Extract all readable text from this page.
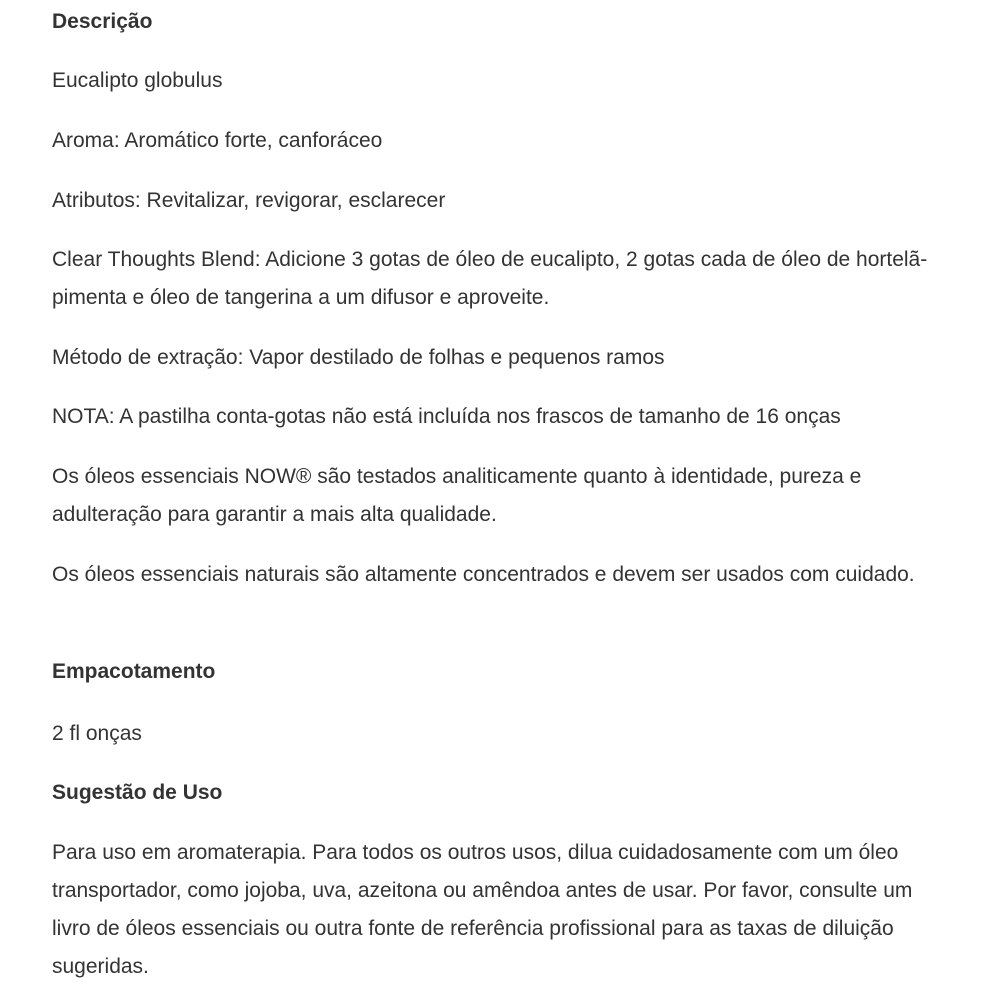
Descrição
Eucalipto globulus
Aroma: Aromático forte, canforáceo
Atributos: Revitalizar, revigorar, esclarecer
Clear Thoughts Blend: Adicione 3 gotas de óleo de eucalipto, 2 gotas cada de óleo de hortelã-pimenta e óleo de tangerina a um difusor e aproveite.
Método de extração: Vapor destilado de folhas e pequenos ramos
NOTA: A pastilha conta-gotas não está incluída nos frascos de tamanho de 16 onças
Os óleos essenciais NOW® são testados analiticamente quanto à identidade, pureza e adulteração para garantir a mais alta qualidade.
Os óleos essenciais naturais são altamente concentrados e devem ser usados com cuidado.
Empacotamento
2 fl onças
Sugestão de Uso
Para uso em aromaterapia. Para todos os outros usos, dilua cuidadosamente com um óleo transportador, como jojoba, uva, azeitona ou amêndoa antes de usar. Por favor, consulte um livro de óleos essenciais ou outra fonte de referência profissional para as taxas de diluição sugeridas.
